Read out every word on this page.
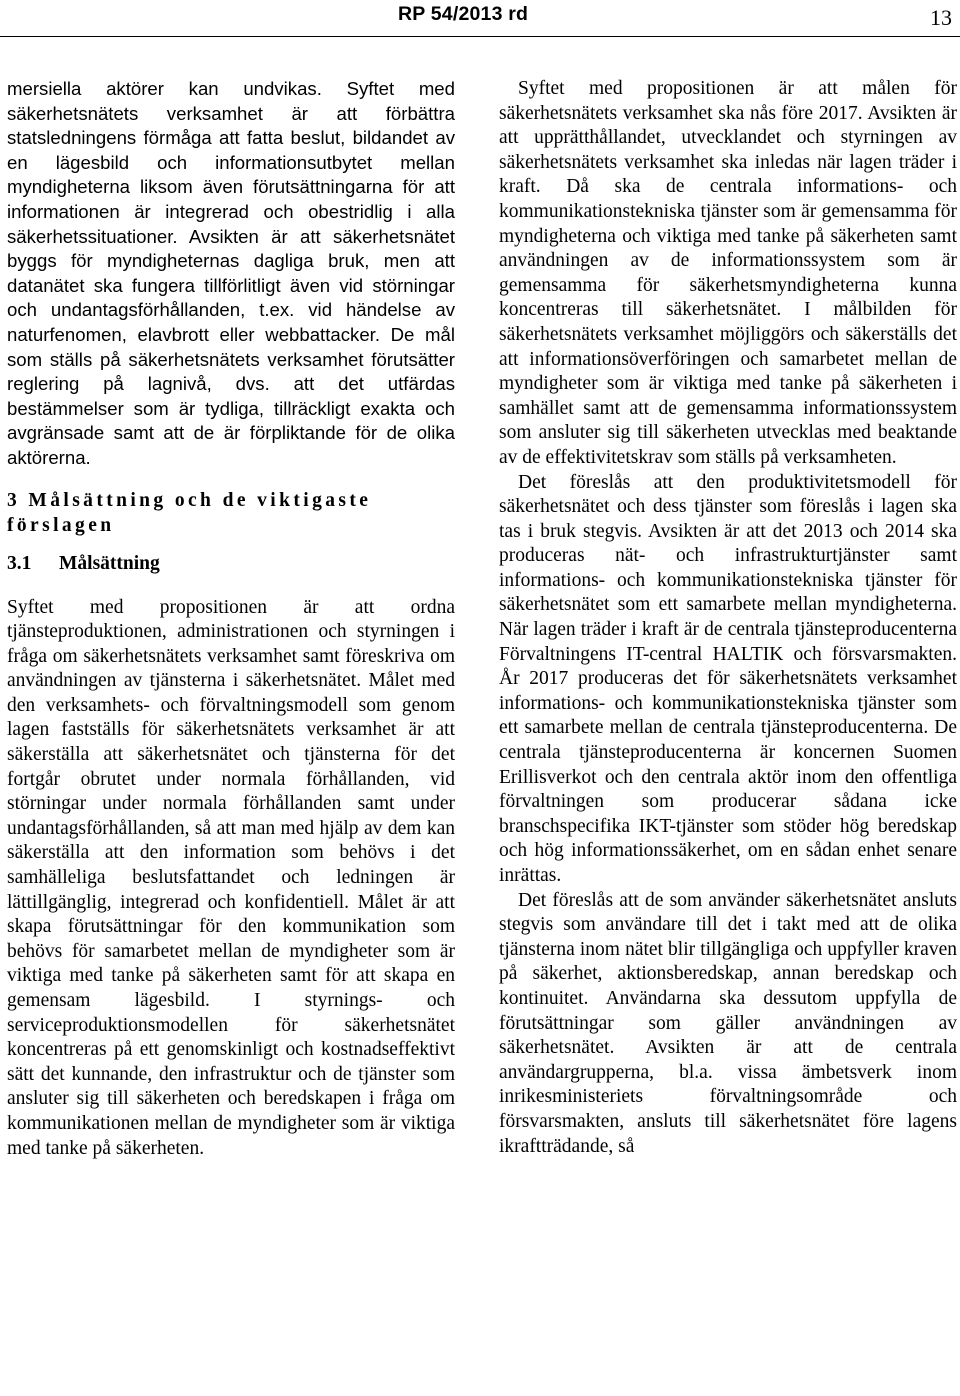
RP 54/2013 rd	13

mersiella aktörer kan undvikas. Syftet med säkerhetsnätets verksamhet är att förbättra statsledningens förmåga att fatta beslut, bildandet av en lägesbild och informationsutbytet mellan myndigheterna liksom även förutsättningarna för att informationen är integrerad och obestridlig i alla säkerhetssituationer. Avsikten är att säkerhetsnätet byggs för myndigheternas dagliga bruk, men att datanätet ska fungera tillförlitligt även vid störningar och undantagsförhållanden, t.ex. vid händelse av naturfenomen, elavbrott eller webbattacker. De mål som ställs på säkerhetsnätets verksamhet förutsätter reglering på lagnivå, dvs. att det utfärdas bestämmelser som är tydliga, tillräckligt exakta och avgränsade samt att de är förpliktande för de olika aktörerna.

3 Målsättning och de viktigaste förslagen
3.1 Målsättning

Syftet med propositionen är att ordna tjänsteproduktionen, administrationen och styrningen i fråga om säkerhetsnätets verksamhet samt föreskriva om användningen av tjänsterna i säkerhetsnätet. Målet med den verksamhets- och förvaltningsmodell som genom lagen fastställs för säkerhetsnätets verksamhet är att säkerställa att säkerhetsnätet och tjänsterna för det fortgår obrutet under normala förhållanden, vid störningar under normala förhållanden samt under undantagsförhållanden, så att man med hjälp av dem kan säkerställa att den information som behövs i det samhälleliga beslutsfattandet och ledningen är lättillgänglig, integrerad och konfidentiell. Målet är att skapa förutsättningar för den kommunikation som behövs för samarbetet mellan de myndigheter som är viktiga med tanke på säkerheten samt för att skapa en gemensam lägesbild. I styrnings- och serviceproduktionsmodellen för säkerhetsnätet koncentreras på ett genomskinligt och kostnadseffektivt sätt det kunnande, den infrastruktur och de tjänster som ansluter sig till säkerheten och beredskapen i fråga om kommunikationen mellan de myndigheter som är viktiga med tanke på säkerheten.

Syftet med propositionen är att målen för säkerhetsnätets verksamhet ska nås före 2017. Avsikten är att upprätthållandet, utvecklandet och styrningen av säkerhetsnätets verksamhet ska inledas när lagen träder i kraft. Då ska de centrala informations- och kommunikationstekniska tjänster som är gemensamma för myndigheterna och viktiga med tanke på säkerheten samt användningen av de informationssystem som är gemensamma för säkerhetsmyndigheterna kunna koncentreras till säkerhetsnätet. I målbilden för säkerhetsnätets verksamhet möjliggörs och säkerställs det att informationsöverföringen och samarbetet mellan de myndigheter som är viktiga med tanke på säkerheten i samhället samt att de gemensamma informationssystem som ansluter sig till säkerheten utvecklas med beaktande av de effektivitetskrav som ställs på verksamheten.

Det föreslås att den produktivitetsmodell för säkerhetsnätet och dess tjänster som föreslås i lagen ska tas i bruk stegvis. Avsikten är att det 2013 och 2014 ska produceras nät- och infrastrukturtjänster samt informations- och kommunikationstekniska tjänster för säkerhetsnätet som ett samarbete mellan myndigheterna. När lagen träder i kraft är de centrala tjänsteproducenterna Förvaltningens IT-central HALTIK och försvarsmakten. År 2017 produceras det för säkerhetsnätets verksamhet informations- och kommunikationstekniska tjänster som ett samarbete mellan de centrala tjänsteproducenterna. De centrala tjänsteproducenterna är koncernen Suomen Erillisverkot och den centrala aktör inom den offentliga förvaltningen som producerar sådana icke branschspecifika IKT-tjänster som stöder hög beredskap och hög informationssäkerhet, om en sådan enhet senare inrättas.

Det föreslås att de som använder säkerhetsnätet ansluts stegvis som användare till det i takt med att de olika tjänsterna inom nätet blir tillgängliga och uppfyller kraven på säkerhet, aktionsberedskap, annan beredskap och kontinuitet. Användarna ska dessutom uppfylla de förutsättningar som gäller användningen av säkerhetsnätet. Avsikten är att de centrala användargrupperna, bl.a. vissa ämbetsverk inom inrikesministeriets förvaltningsområde och försvarsmakten, ansluts till säkerhetsnätet före lagens ikraftträdande, så
